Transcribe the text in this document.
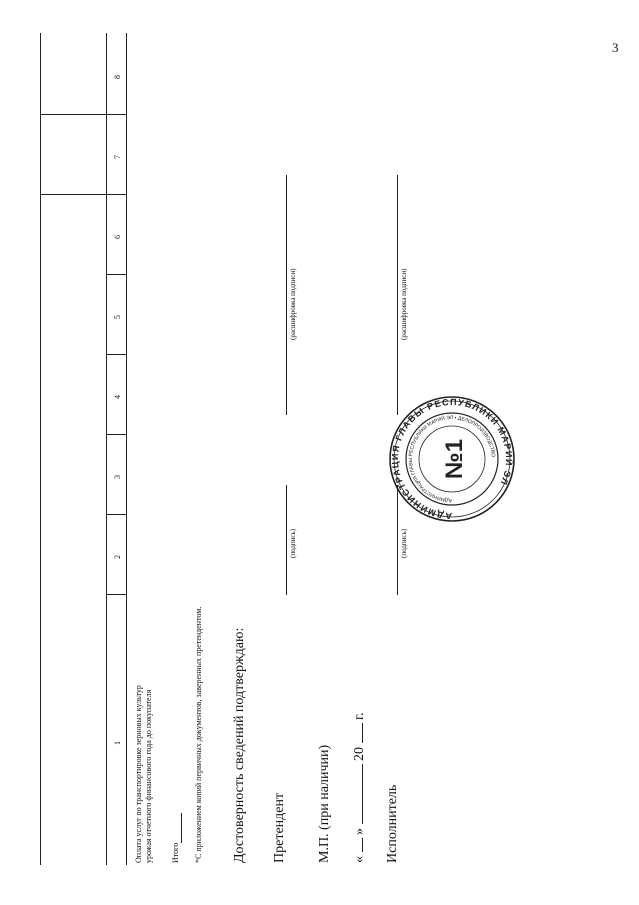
3
1
2
3
4
5
6
7
8
Оплата услуг по транспортировке зерновых культур урожая отчетного финансового года до покупателя Итого *С приложением копий первичных документов, заверенных претендентом. Достоверность сведений подтверждаю: Претендент
(подпись)
(расшифровка подписи)
М.П. (при наличии) «  »  20  г.
Исполнитель
(подпись)
(расшифровка подписи)
АДМИНИСТРАЦИЯ ГЛАВЫ РЕСПУБЛИКИ МАРИЙ ЭЛ
АДМИНИСТРАЦИЯ ГЛАВЫ РЕСПУБЛИКИ МАРИЙ ЭЛ • ДЕЛОПРОИЗВОДСТВО
№1
